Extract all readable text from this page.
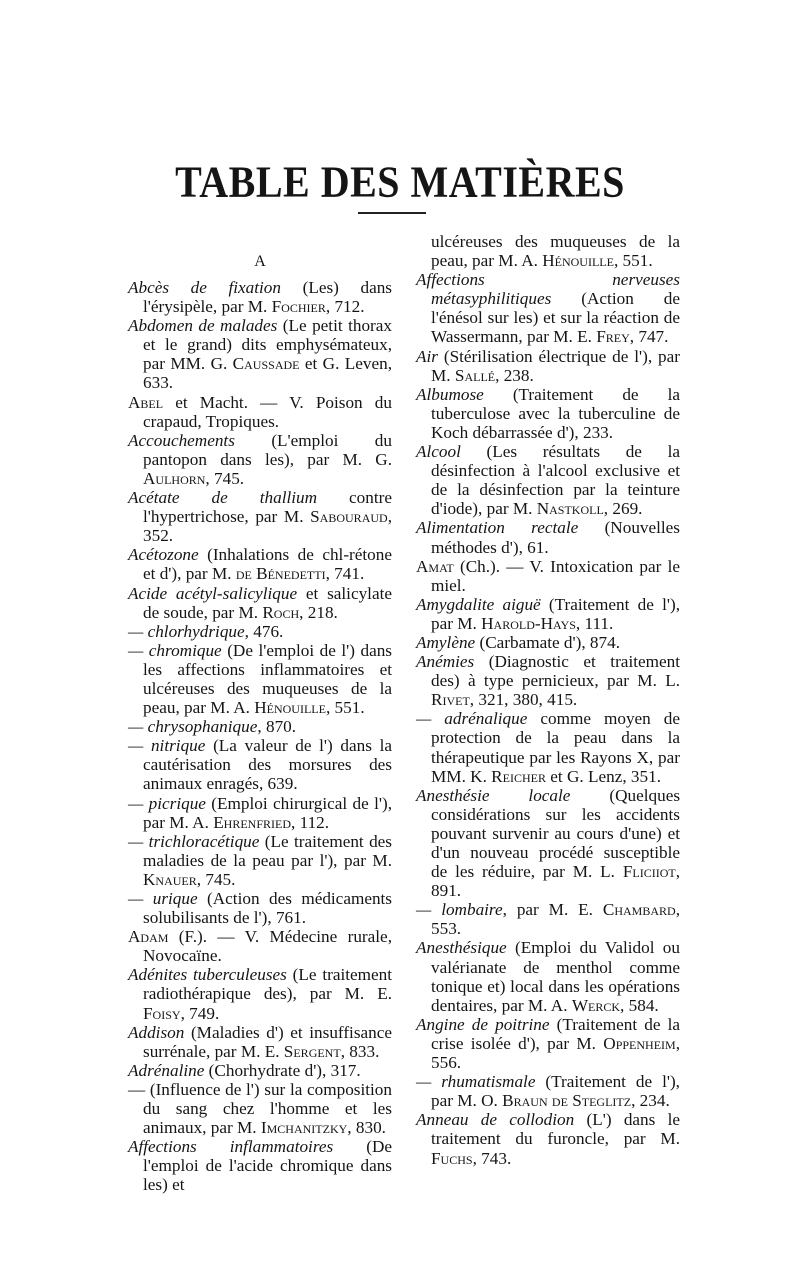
TABLE DES MATIÈRES
A
Abcès de fixation (Les) dans l'érysipèle, par M. Fochier, 712.
Abdomen de malades (Le petit thorax et le grand) dits emphysémateux, par MM. G. Caussade et G. Leven, 633.
Abel et Macht. — V. Poison du crapaud, Tropiques.
Accouchements (L'emploi du pantopon dans les), par M. G. Aulhorn, 745.
Acétate de thallium contre l'hypertrichose, par M. Sabouraud, 352.
Acétozone (Inhalations de chl-rétone et d'), par M. de Bénedetti, 741.
Acide acétyl-salicylique et salicylate de soude, par M. Roch, 218.
— chlorhydrique, 476.
— chromique (De l'emploi de l') dans les affections inflammatoires et ulcéreuses des muqueuses de la peau, par M. A. Hénouille, 551.
— chrysophanique, 870.
— nitrique (La valeur de l') dans la cautérisation des morsures des animaux enragés, 639.
— picrique (Emploi chirurgical de l'), par M. A. Ehrenfried, 112.
— trichloracétique (Le traitement des maladies de la peau par l'), par M. Knauer, 745.
— urique (Action des médicaments solubilisants de l'), 761.
Adam (F.). — V. Médecine rurale, Novocaïne.
Adénites tuberculeuses (Le traitement radiothérapique des), par M. E. Foisy, 749.
Addison (Maladies d') et insuffisance surrénale, par M. E. Sergent, 833.
Adrénaline (Chorhydrate d'), 317.
— (Influence de l') sur la composition du sang chez l'homme et les animaux, par M. Imchanitzky, 830.
Affections inflammatoires (De l'emploi de l'acide chromique dans les) et
ulcéreuses des muqueuses de la peau, par M. A. Hénouille, 551.
Affections nerveuses métasyphilitiques (Action de l'énésol sur les) et sur la réaction de Wassermann, par M. E. Frey, 747.
Air (Stérilisation électrique de l'), par M. Sallé, 238.
Albumose (Traitement de la tuberculose avec la tuberculine de Koch débarrassée d'), 233.
Alcool (Les résultats de la désinfection à l'alcool exclusive et de la désinfection par la teinture d'iode), par M. Nastkoll, 269.
Alimentation rectale (Nouvelles méthodes d'), 61.
Amat (Ch.). — V. Intoxication par le miel.
Amygdalite aiguë (Traitement de l'), par M. Harold-Hays, 111.
Amylène (Carbamate d'), 874.
Anémies (Diagnostic et traitement des) à type pernicieux, par M. L. Rivet, 321, 380, 415.
— adrénalique comme moyen de protection de la peau dans la thérapeutique par les Rayons X, par MM. K. Reicher et G. Lenz, 351.
Anesthésie locale (Quelques considérations sur les accidents pouvant survenir au cours d'une) et d'un nouveau procédé susceptible de les réduire, par M. L. Fliciiot, 891.
— lombaire, par M. E. Chambard, 553.
Anesthésique (Emploi du Validol ou valérianate de menthol comme tonique et) local dans les opérations dentaires, par M. A. Werck, 584.
Angine de poitrine (Traitement de la crise isolée d'), par M. Oppenheim, 556.
— rhumatismale (Traitement de l'), par M. O. Braun de Steglitz, 234.
Anneau de collodion (L') dans le traitement du furoncle, par M. Fuchs, 743.
